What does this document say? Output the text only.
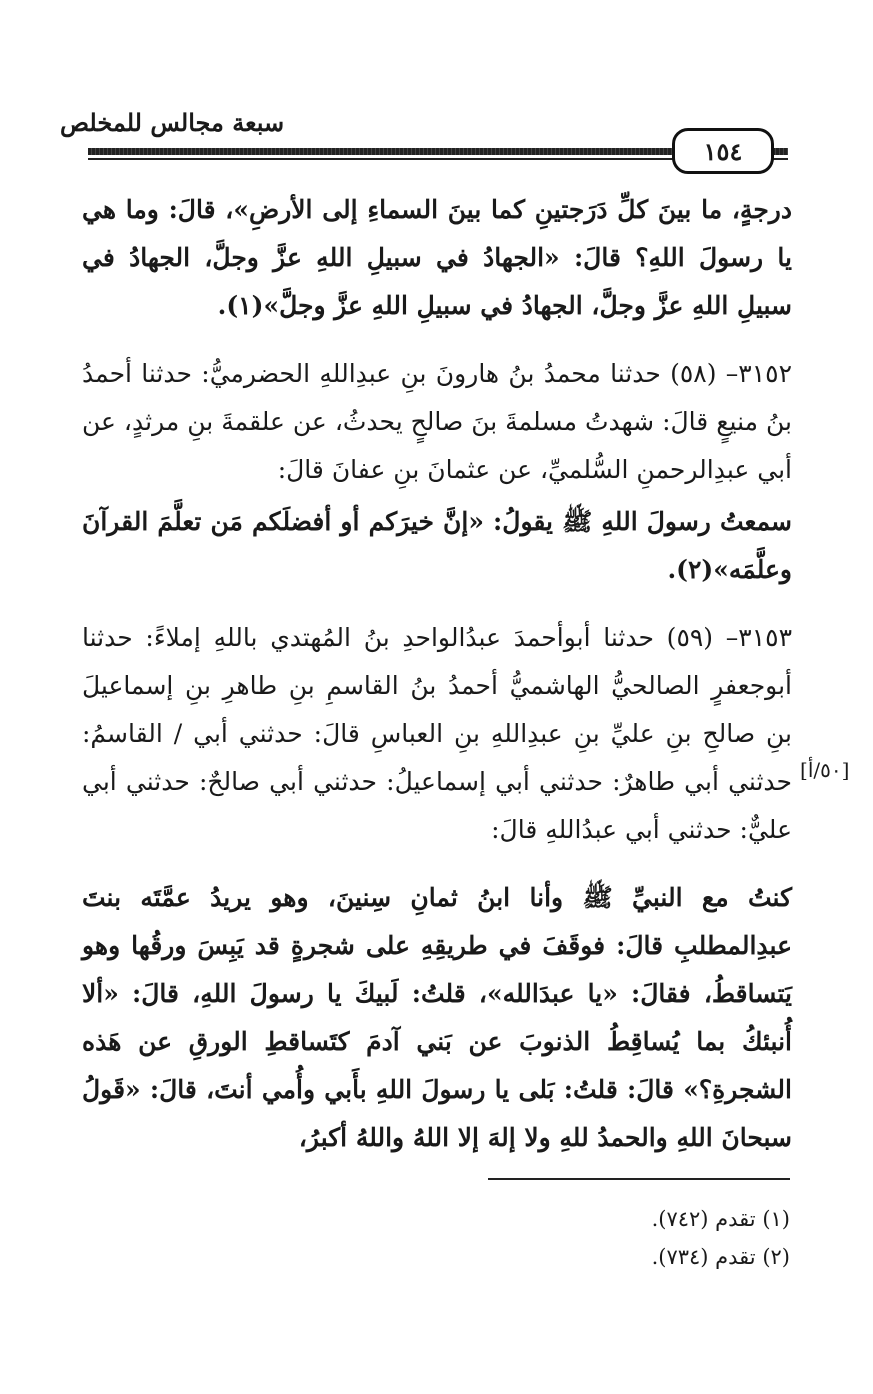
سبعة مجالس للمخلص
١٥٤

درجةٍ، ما بينَ كلِّ دَرَجتينِ كما بينَ السماءِ إلى الأرضِ»، قالَ: وما هي يا رسولَ اللهِ؟ قالَ: «الجهادُ في سبيلِ اللهِ عزَّ وجلَّ، الجهادُ في سبيلِ اللهِ عزَّ وجلَّ، الجهادُ في سبيلِ اللهِ عزَّ وجلَّ»(١).

٣١٥٢– (٥٨) حدثنا محمدُ بنُ هارونَ بنِ عبدِاللهِ الحضرميُّ: حدثنا أحمدُ بنُ منيعٍ قالَ: شهدتُ مسلمةَ بنَ صالحٍ يحدثُ، عن علقمةَ بنِ مرثدٍ، عن أبي عبدِالرحمنِ السُّلميِّ، عن عثمانَ بنِ عفانَ قالَ:

سمعتُ رسولَ اللهِ ﷺ يقولُ: «إنَّ خيرَكم أو أفضلَكم مَن تعلَّمَ القرآنَ وعلَّمَه»(٢).

٣١٥٣– (٥٩) حدثنا أبوأحمدَ عبدُالواحدِ بنُ المُهتدي باللهِ إملاءً: حدثنا أبوجعفرٍ الصالحيُّ الهاشميُّ أحمدُ بنُ القاسمِ بنِ طاهرِ بنِ إسماعيلَ بنِ صالحِ بنِ عليِّ بنِ عبدِاللهِ بنِ العباسِ قالَ: حدثني أبي / القاسمُ: حدثني أبي طاهرٌ: حدثني أبي إسماعيلُ: حدثني أبي صالحٌ: حدثني أبي عليٌّ: حدثني أبي عبدُاللهِ قالَ:

كنتُ مع النبيِّ ﷺ وأنا ابنُ ثمانِ سِنينَ، وهو يريدُ عمَّتَه بنتَ عبدِالمطلبِ قالَ: فوقَفَ في طريقِهِ على شجرةٍ قد يَبِسَ ورقُها وهو يَتساقطُ، فقالَ: «يا عبدَالله»، قلتُ: لَبيكَ يا رسولَ اللهِ، قالَ: «ألا أُنبئكُ بما يُساقِطُ الذنوبَ عن بَني آدمَ كتَساقطِ الورقِ عن هَذه الشجرةِ؟» قالَ: قلتُ: بَلى يا رسولَ اللهِ بأَبي وأُمي أنتَ، قالَ: «قَولُ سبحانَ اللهِ والحمدُ للهِ ولا إلهَ إلا اللهُ واللهُ أكبرُ،

[٥٠/أ]

(١) تقدم (٧٤٢).

(٢) تقدم (٧٣٤).
